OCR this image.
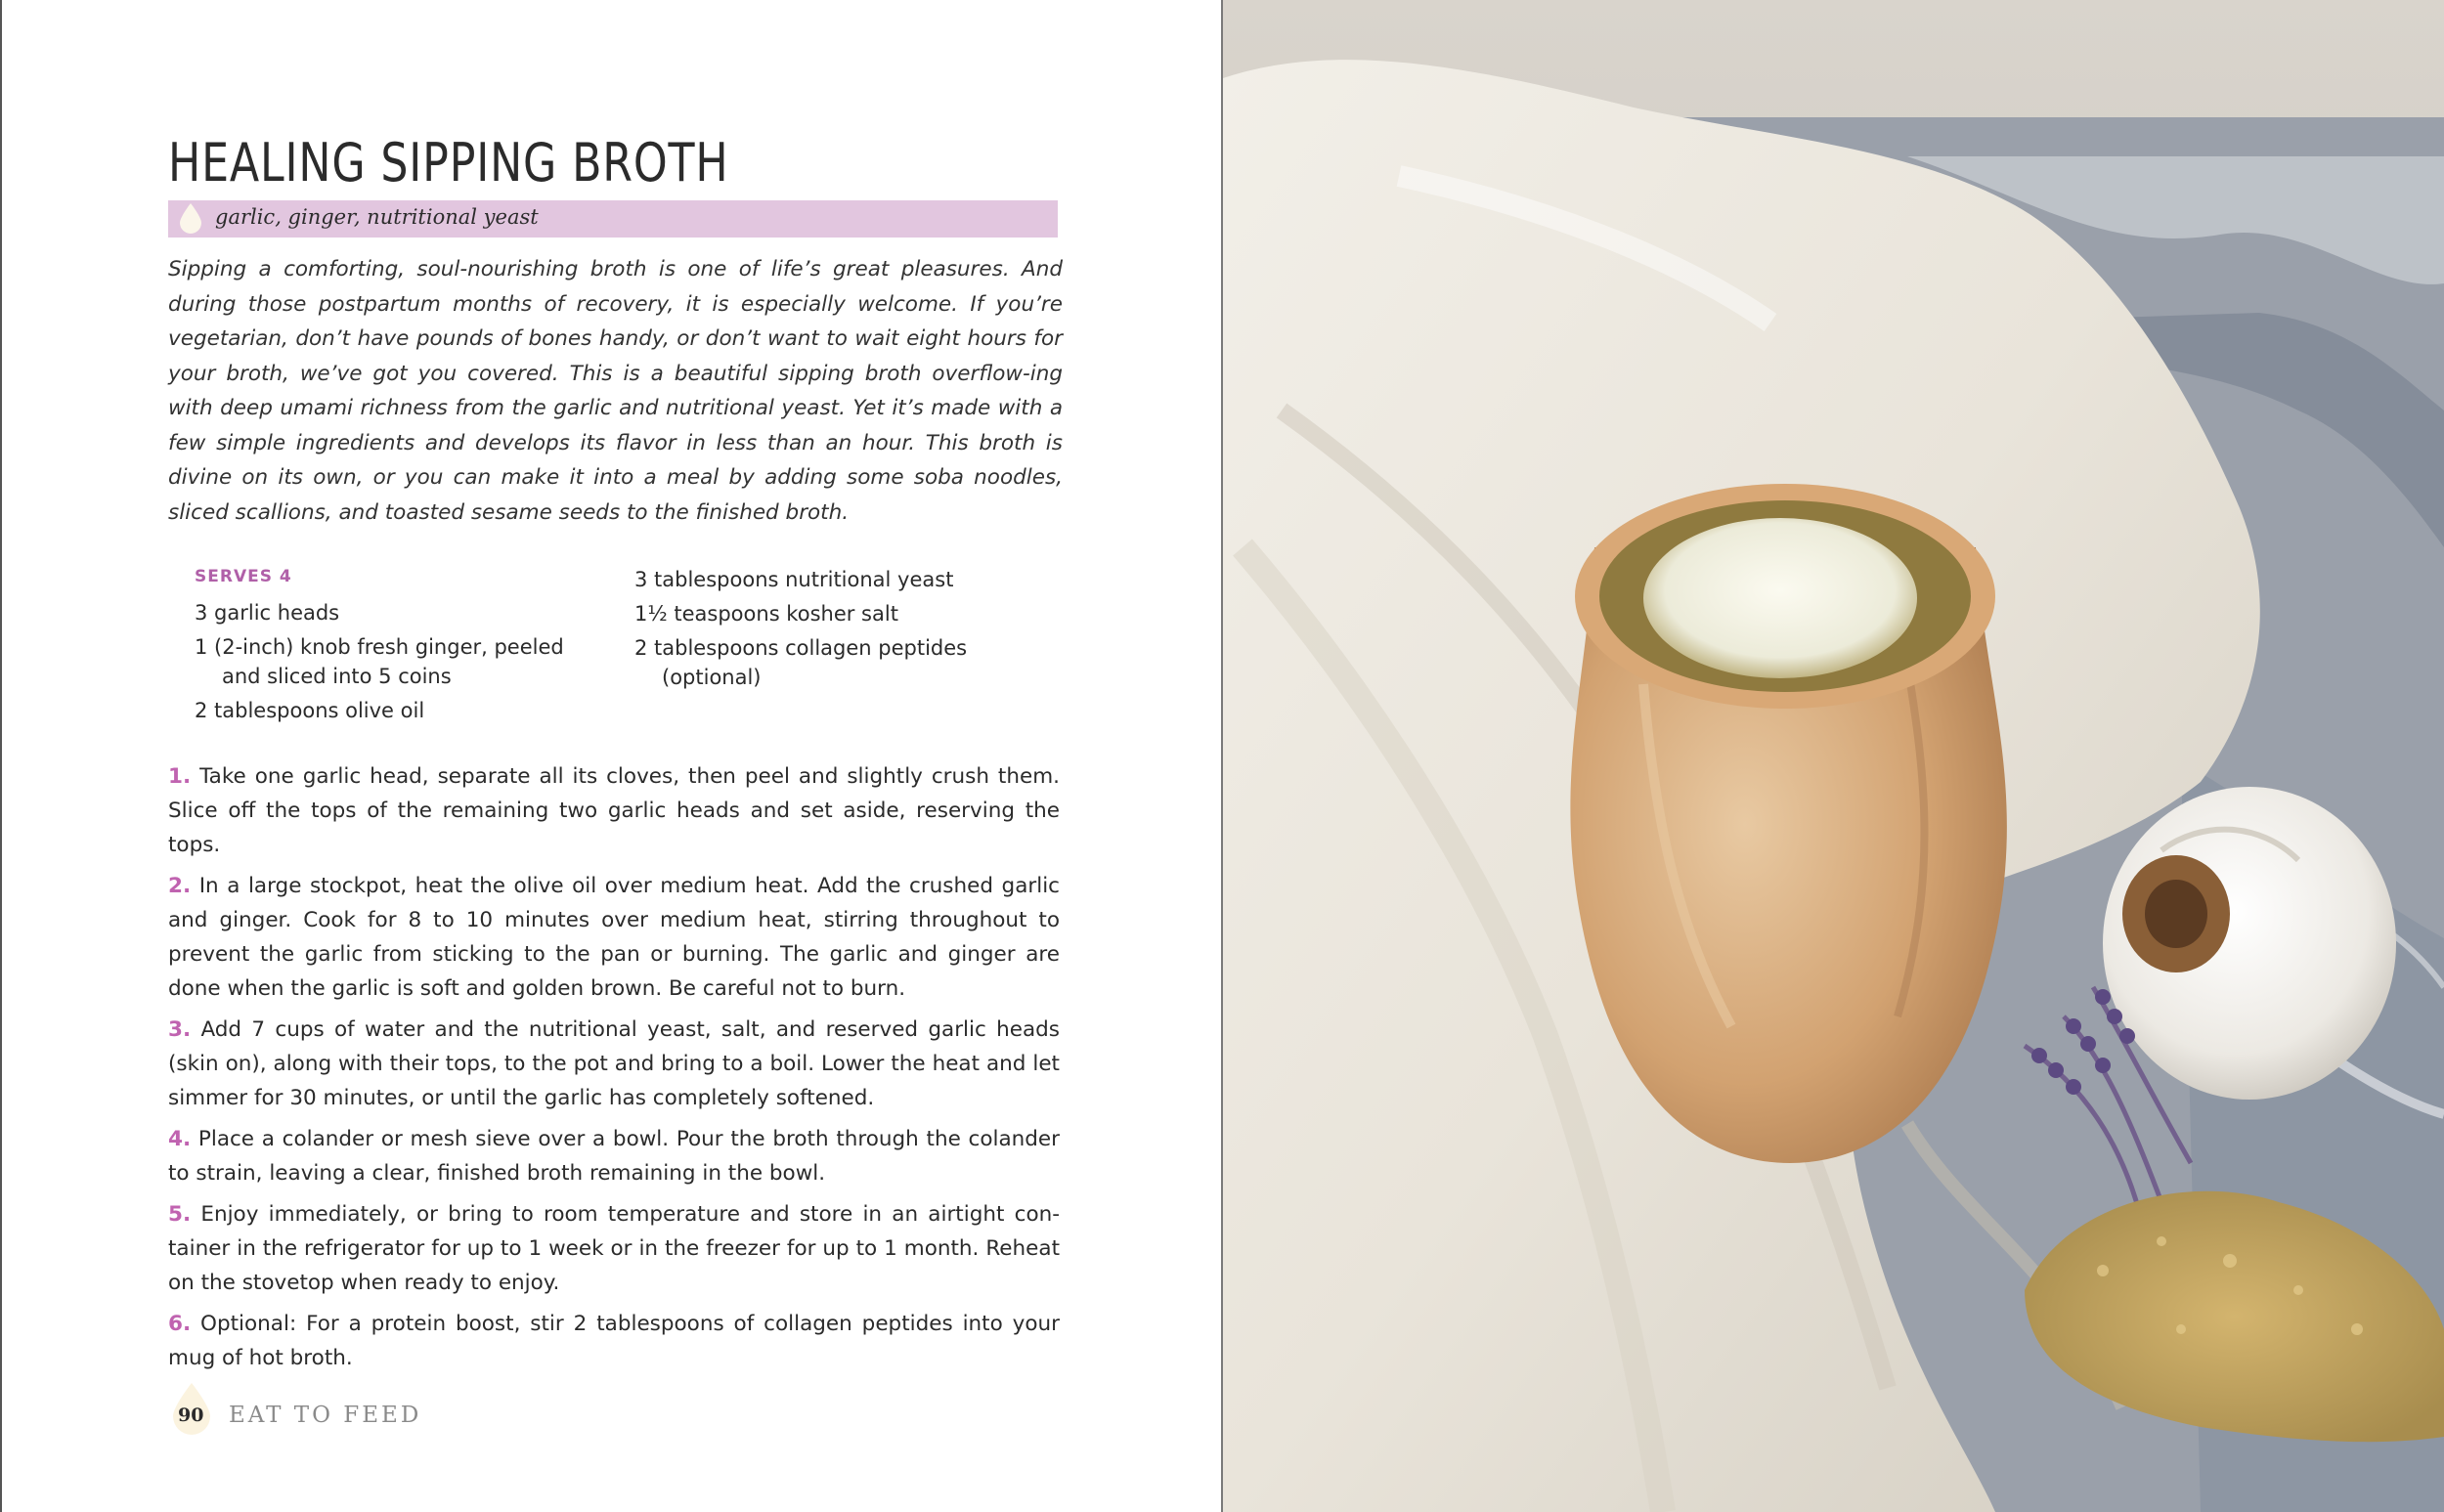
HEALING SIPPING BROTH
garlic, ginger, nutritional yeast

Sipping a comforting, soul-nourishing broth is one of life’s great pleasures. And during those postpartum months of recovery, it is especially welcome. If you’re vegetarian, don’t have pounds of bones handy, or don’t want to wait eight hours for your broth, we’ve got you covered. This is a beautiful sipping broth overflow-ing with deep umami richness from the garlic and nutritional yeast. Yet it’s made with a few simple ingredients and develops its flavor in less than an hour. This broth is divine on its own, or you can make it into a meal by adding some soba noodles, sliced scallions, and toasted sesame seeds to the finished broth.

SERVES 4
3 garlic heads
1 (2-inch) knob fresh ginger, peeled and sliced into 5 coins
2 tablespoons olive oil
3 tablespoons nutritional yeast
1½ teaspoons kosher salt
2 tablespoons collagen peptides (optional)
1. Take one garlic head, separate all its cloves, then peel and slightly crush them. Slice off the tops of the remaining two garlic heads and set aside, reserving the tops.
2. In a large stockpot, heat the olive oil over medium heat. Add the crushed garlic and ginger. Cook for 8 to 10 minutes over medium heat, stirring throughout to prevent the garlic from sticking to the pan or burning. The garlic and ginger are done when the garlic is soft and golden brown. Be careful not to burn.
3. Add 7 cups of water and the nutritional yeast, salt, and reserved garlic heads (skin on), along with their tops, to the pot and bring to a boil. Lower the heat and let simmer for 30 minutes, or until the garlic has completely softened.
4. Place a colander or mesh sieve over a bowl. Pour the broth through the colander to strain, leaving a clear, finished broth remaining in the bowl.
5. Enjoy immediately, or bring to room temperature and store in an airtight con-tainer in the refrigerator for up to 1 week or in the freezer for up to 1 month. Reheat on the stovetop when ready to enjoy.
6. Optional: For a protein boost, stir 2 tablespoons of collagen peptides into your mug of hot broth.
90 EAT TO FEED
